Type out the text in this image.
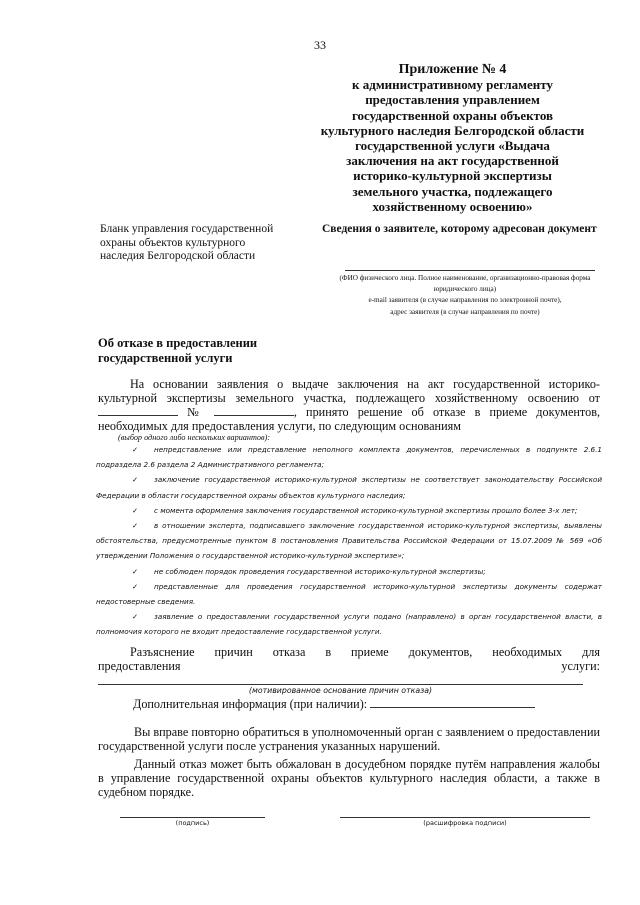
33
Приложение № 4
к административному регламенту
предоставления управлением
государственной охраны объектов
культурного наследия Белгородской области
государственной услуги «Выдача
заключения на акт государственной
историко-культурной экспертизы
земельного участка, подлежащего
хозяйственному освоению»
Бланк управления государственной
охраны объектов культурного
наследия Белгородской области
Сведения о заявителе, которому адресован документ
(ФИО физического лица. Полное наименование, организационно-правовая форма
юридического лица)
e-mail заявителя (в случае направления по электронной почте),
адрес заявителя (в случае направления по почте)
Об отказе в предоставлении
государственной услуги
На основании заявления о выдаче заключения на акт государственной историко-культурной экспертизы земельного участка, подлежащего хозяйственному освоению от  №	, принято решение об отказе в приеме документов, необходимых для предоставления услуги, по следующим основаниям
(выбор одного либо нескольких вариантов):
✓ непредставление или представление неполного комплекта документов, перечисленных в подпункте 2.6.1 подраздела 2.6 раздела 2 Административного регламента;
✓ заключение государственной историко-культурной экспертизы не соответствует законодательству Российской Федерации в области государственной охраны объектов культурного наследия;
✓ с момента оформления заключения государственной историко-культурной экспертизы прошло более 3-х лет;
✓ в отношении эксперта, подписавшего заключение государственной историко-культурной экспертизы, выявлены обстоятельства, предусмотренные пунктом 8 постановления Правительства Российской Федерации от 15.07.2009 № 569 «Об утверждении Положения о государственной историко-культурной экспертизе»;
✓ не соблюден порядок проведения государственной историко-культурной экспертизы;
✓ представленные для проведения государственной историко-культурной экспертизы документы содержат недостоверные сведения.
✓ заявление о предоставлении государственной услуги подано (направлено) в орган государственной власти, в полномочия которого не входит предоставление государственной услуги.
Разъяснение причин отказа в приеме документов, необходимых для
предоставления	услуги:
(мотивированное основание причин отказа)
Дополнительная информация (при наличии):
Вы вправе повторно обратиться в уполномоченный орган с заявлением о предоставлении государственной услуги после устранения указанных нарушений.
Данный отказ может быть обжалован в досудебном порядке путём направления жалобы в управление государственной охраны объектов культурного наследия области, а также в судебном порядке.
(подпись)	(расшифровка подписи)
